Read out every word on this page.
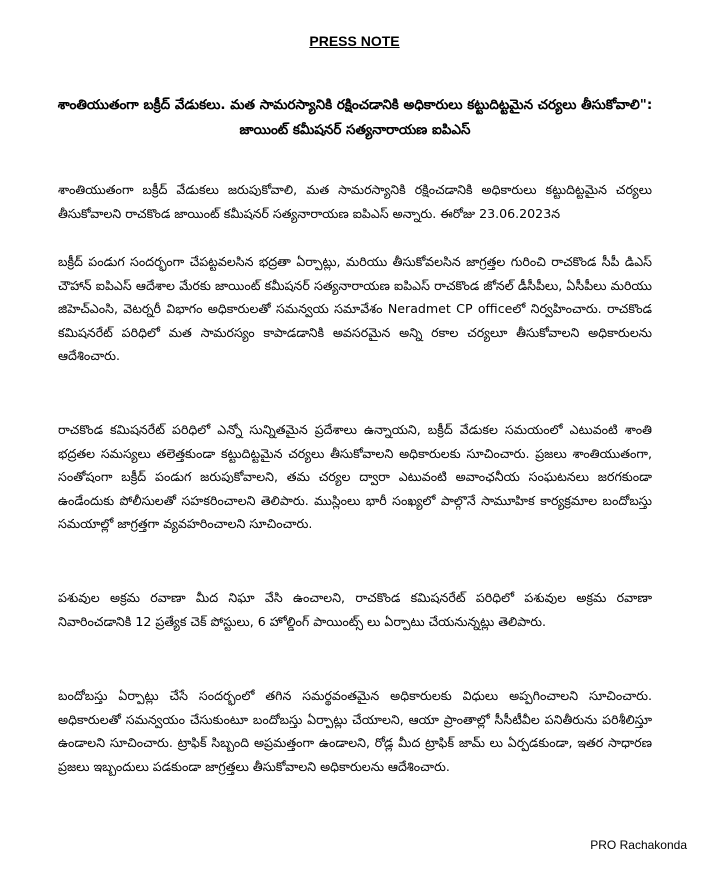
PRESS NOTE
శాంతియుతంగా బక్రీద్ వేడుకలు. మత సామరస్యానికి రక్షించడానికి అధికారులు కట్టుదిట్టమైన చర్యలు తీసుకోవాలి": జాయింట్ కమీషనర్ సత్యనారాయణ ఐపిఎస్
శాంతియుతంగా బక్రీద్ వేడుకలు జరుపుకోవాలి, మత సామరస్యానికి రక్షించడానికి అధికారులు కట్టుదిట్టమైన చర్యలు తీసుకోవాలని రాచకొండ జాయింట్ కమీషనర్ సత్యనారాయణ ఐపిఎస్ అన్నారు. ఈరోజు 23.06.2023న
బక్రీద్ పండుగ సందర్భంగా చేపట్టవలసిన భద్రతా ఏర్పాట్లు, మరియు తీసుకోవలసిన జాగ్రత్తల గురించి రాచకొండ సీపీ డిఎస్ చౌహాన్ ఐపిఎస్ ఆదేశాల మేరకు జాయింట్ కమీషనర్ సత్యనారాయణ ఐపిఎస్ రాచకొండ జోనల్ డీసీపీలు, ఏసీపీలు మరియు జిహెచ్ఎంసి, వెటర్నరీ విభాగం అధికారులతో సమన్వయ సమావేశం Neradmet CP officeలో నిర్వహించారు. రాచకొండ కమిషనరేట్ పరిధిలో మత సామరస్యం కాపాడడానికి అవసరమైన అన్ని రకాల చర్యలూ తీసుకోవాలని అధికారులను ఆదేశించారు.
రాచకొండ కమిషనరేట్ పరిధిలో ఎన్నో సున్నితమైన ప్రదేశాలు ఉన్నాయని, బక్రీద్ వేడుకల సమయంలో ఎటువంటి శాంతి భద్రతల సమస్యలు తలెత్తకుండా కట్టుదిట్టమైన చర్యలు తీసుకోవాలని అధికారులకు సూచించారు. ప్రజలు శాంతియుతంగా, సంతోషంగా బక్రీద్ పండుగ జరుపుకోవాలని, తమ చర్యల ద్వారా ఎటువంటి అవాంఛనీయ సంఘటనలు జరగకుండా ఉండేందుకు పోలీసులతో సహకరించాలని తెలిపారు. ముస్లింలు భారీ సంఖ్యలో పాల్గొనే సామూహిక కార్యక్రమాల బందోబస్తు సమయాల్లో జాగ్రత్తగా వ్యవహరించాలని సూచించారు.
పశువుల అక్రమ రవాణా మీద నిఘా వేసి ఉంచాలని, రాచకొండ కమిషనరేట్ పరిధిలో పశువుల అక్రమ రవాణా నివారించడానికి 12 ప్రత్యేక చెక్ పోస్టులు, 6 హోల్డింగ్ పాయింట్స్ లు ఏర్పాటు చేయనున్నట్లు తెలిపారు.
బందోబస్తు ఏర్పాట్లు చేసే సందర్భంలో తగిన సమర్థవంతమైన అధికారులకు విధులు అప్పగించాలని సూచించారు. అధికారులతో సమన్వయం చేసుకుంటూ బందోబస్తు ఏర్పాట్లు చేయాలని, ఆయా ప్రాంతాల్లో సీసీటీవీల పనితీరును పరిశీలిస్తూ ఉండాలని సూచించారు. ట్రాఫిక్ సిబ్బంది అప్రమత్తంగా ఉండాలని, రోడ్ల మీద ట్రాఫిక్ జామ్ లు ఏర్పడకుండా, ఇతర సాధారణ ప్రజలు ఇబ్బందులు పడకుండా జాగ్రత్తలు తీసుకోవాలని అధికారులను ఆదేశించారు.
PRO Rachakonda
